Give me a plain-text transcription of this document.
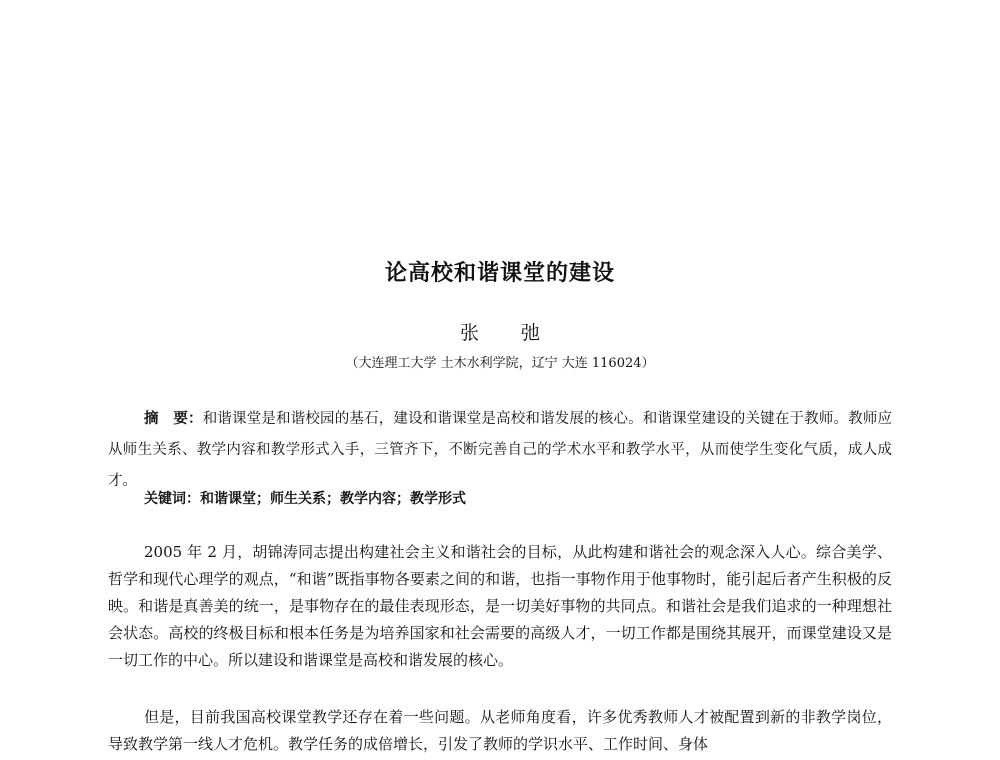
论高校和谐课堂的建设
张 弛
（大连理工大学 土木水利学院，辽宁 大连 116024）

摘　要：和谐课堂是和谐校园的基石，建设和谐课堂是高校和谐发展的核心。和谐课堂建设的关键在于教师。教师应从师生关系、教学内容和教学形式入手，三管齐下，不断完善自己的学术水平和教学水平，从而使学生变化气质，成人成才。

关键词：和谐课堂；师生关系；教学内容；教学形式

2005 年 2 月，胡锦涛同志提出构建社会主义和谐社会的目标，从此构建和谐社会的观念深入人心。综合美学、哲学和现代心理学的观点，“和谐”既指事物各要素之间的和谐，也指一事物作用于他事物时，能引起后者产生积极的反映。和谐是真善美的统一，是事物存在的最佳表现形态，是一切美好事物的共同点。和谐社会是我们追求的一种理想社会状态。高校的终极目标和根本任务是为培养国家和社会需要的高级人才，一切工作都是围绕其展开，而课堂建设又是一切工作的中心。所以建设和谐课堂是高校和谐发展的核心。

但是，目前我国高校课堂教学还存在着一些问题。从老师角度看，许多优秀教师人才被配置到新的非教学岗位，导致教学第一线人才危机。教学任务的成倍增长，引发了教师的学识水平、工作时间、身体
